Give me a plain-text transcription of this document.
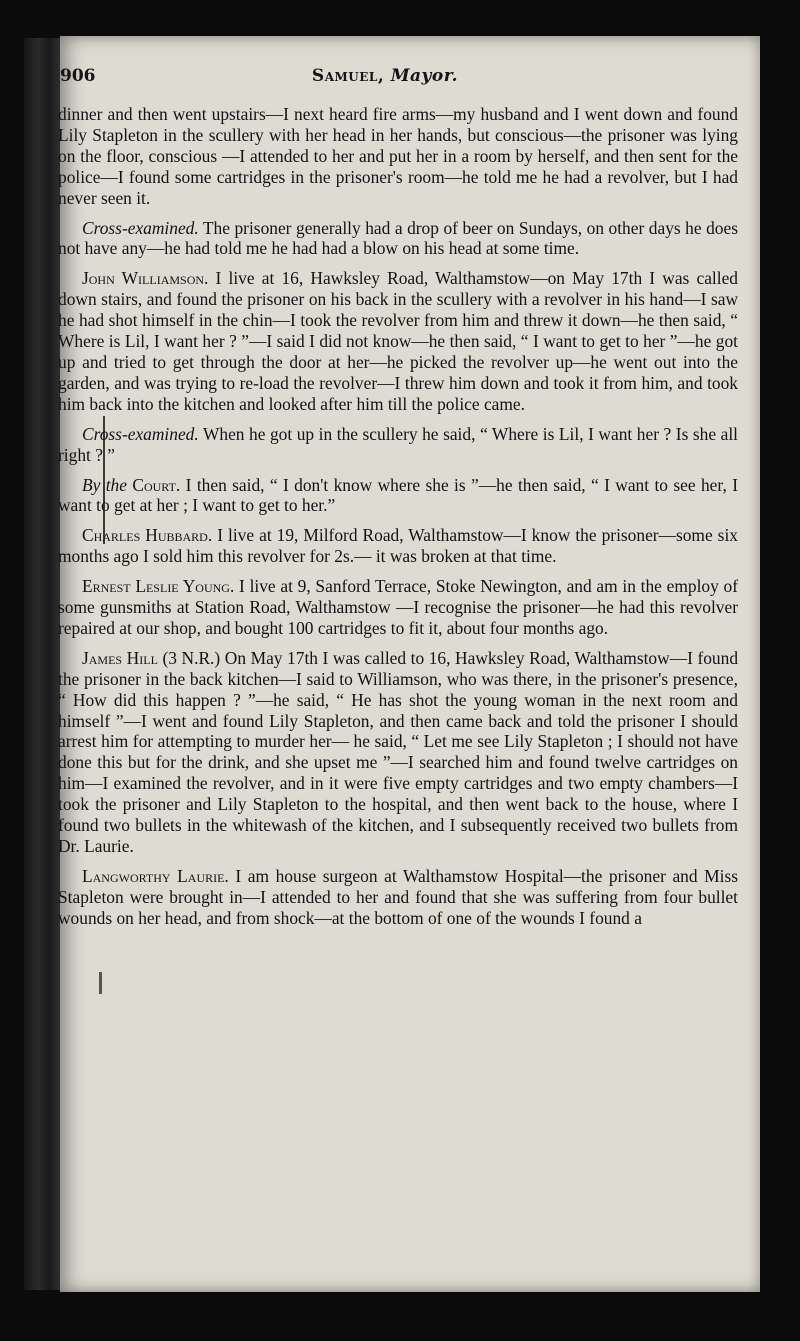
906	Samuel, Mayor.

dinner and then went upstairs—I next heard fire arms—my husband and I went down and found Lily Stapleton in the scullery with her head in her hands, but conscious—the prisoner was lying on the floor, conscious —I attended to her and put her in a room by herself, and then sent for the police—I found some cartridges in the prisoner's room—he told me he had a revolver, but I had never seen it.

Cross-examined. The prisoner generally had a drop of beer on Sundays, on other days he does not have any—he had told me he had had a blow on his head at some time.

John Williamson. I live at 16, Hawksley Road, Walthamstow—on May 17th I was called down stairs, and found the prisoner on his back in the scullery with a revolver in his hand—I saw he had shot himself in the chin—I took the revolver from him and threw it down—he then said, “ Where is Lil, I want her ? ”—I said I did not know—he then said, “ I want to get to her ”—he got up and tried to get through the door at her—he picked the revolver up—he went out into the garden, and was trying to re-load the revolver—I threw him down and took it from him, and took him back into the kitchen and looked after him till the police came.

Cross-examined. When he got up in the scullery he said, “ Where is Lil, I want her ? Is she all right ? ”

By the Court. I then said, “ I don't know where she is ”—he then said, “ I want to see her, I want to get at her ; I want to get to her.”

Charles Hubbard. I live at 19, Milford Road, Walthamstow—I know the prisoner—some six months ago I sold him this revolver for 2s.— it was broken at that time.

Ernest Leslie Young. I live at 9, Sanford Terrace, Stoke Newington, and am in the employ of some gunsmiths at Station Road, Walthamstow —I recognise the prisoner—he had this revolver repaired at our shop, and bought 100 cartridges to fit it, about four months ago.

James Hill (3 N.R.) On May 17th I was called to 16, Hawksley Road, Walthamstow—I found the prisoner in the back kitchen—I said to Williamson, who was there, in the prisoner's presence, “ How did this happen ? ”—he said, “ He has shot the young woman in the next room and himself ”—I went and found Lily Stapleton, and then came back and told the prisoner I should arrest him for attempting to murder her— he said, “ Let me see Lily Stapleton ; I should not have done this but for the drink, and she upset me ”—I searched him and found twelve cartridges on him—I examined the revolver, and in it were five empty cartridges and two empty chambers—I took the prisoner and Lily Stapleton to the hospital, and then went back to the house, where I found two bullets in the whitewash of the kitchen, and I subsequently received two bullets from Dr. Laurie.

Langworthy Laurie. I am house surgeon at Walthamstow Hospital—the prisoner and Miss Stapleton were brought in—I attended to her and found that she was suffering from four bullet wounds on her head, and from shock—at the bottom of one of the wounds I found a
